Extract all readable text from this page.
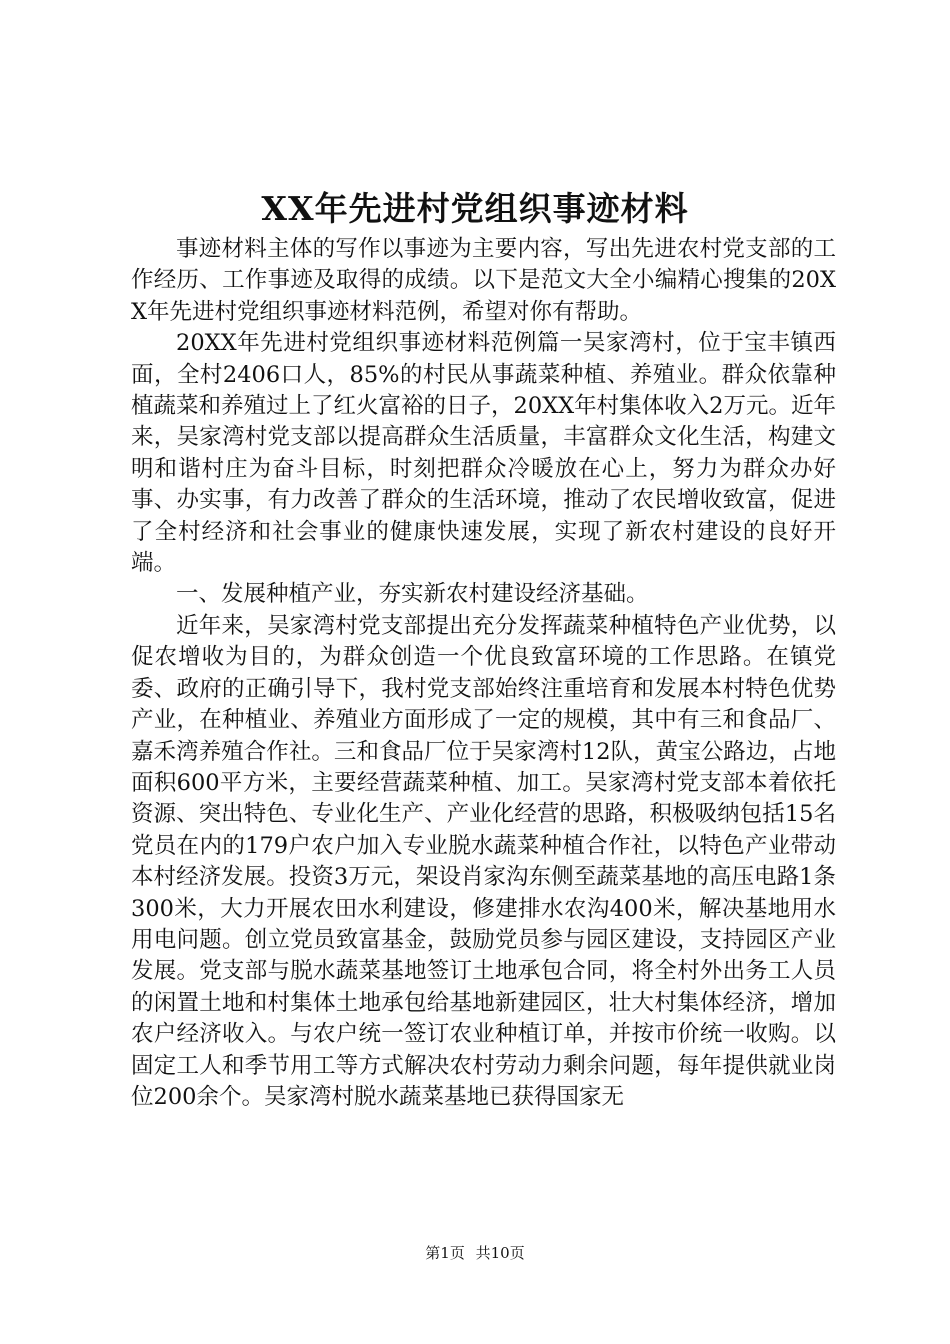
XX年先进村党组织事迹材料

事迹材料主体的写作以事迹为主要内容，写出先进农村党支部的工作经历、工作事迹及取得的成绩。以下是范文大全小编精心搜集的20XX年先进村党组织事迹材料范例，希望对你有帮助。

20XX年先进村党组织事迹材料范例篇一吴家湾村，位于宝丰镇西面，全村2406口人，85%的村民从事蔬菜种植、养殖业。群众依靠种植蔬菜和养殖过上了红火富裕的日子，20XX年村集体收入2万元。近年来，吴家湾村党支部以提高群众生活质量，丰富群众文化生活，构建文明和谐村庄为奋斗目标，时刻把群众冷暖放在心上，努力为群众办好事、办实事，有力改善了群众的生活环境，推动了农民增收致富，促进了全村经济和社会事业的健康快速发展，实现了新农村建设的良好开端。

一、发展种植产业，夯实新农村建设经济基础。

近年来，吴家湾村党支部提出充分发挥蔬菜种植特色产业优势，以促农增收为目的，为群众创造一个优良致富环境的工作思路。在镇党委、政府的正确引导下，我村党支部始终注重培育和发展本村特色优势产业，在种植业、养殖业方面形成了一定的规模，其中有三和食品厂、嘉禾湾养殖合作社。三和食品厂位于吴家湾村12队，黄宝公路边，占地面积600平方米，主要经营蔬菜种植、加工。吴家湾村党支部本着依托资源、突出特色、专业化生产、产业化经营的思路，积极吸纳包括15名党员在内的179户农户加入专业脱水蔬菜种植合作社，以特色产业带动本村经济发展。投资3万元，架设肖家沟东侧至蔬菜基地的高压电路1条300米，大力开展农田水利建设，修建排水农沟400米，解决基地用水用电问题。创立党员致富基金，鼓励党员参与园区建设，支持园区产业发展。党支部与脱水蔬菜基地签订土地承包合同，将全村外出务工人员的闲置土地和村集体土地承包给基地新建园区，壮大村集体经济，增加农户经济收入。与农户统一签订农业种植订单，并按市价统一收购。以固定工人和季节用工等方式解决农村劳动力剩余问题，每年提供就业岗位200余个。吴家湾村脱水蔬菜基地已获得国家无

第1页 共10页
